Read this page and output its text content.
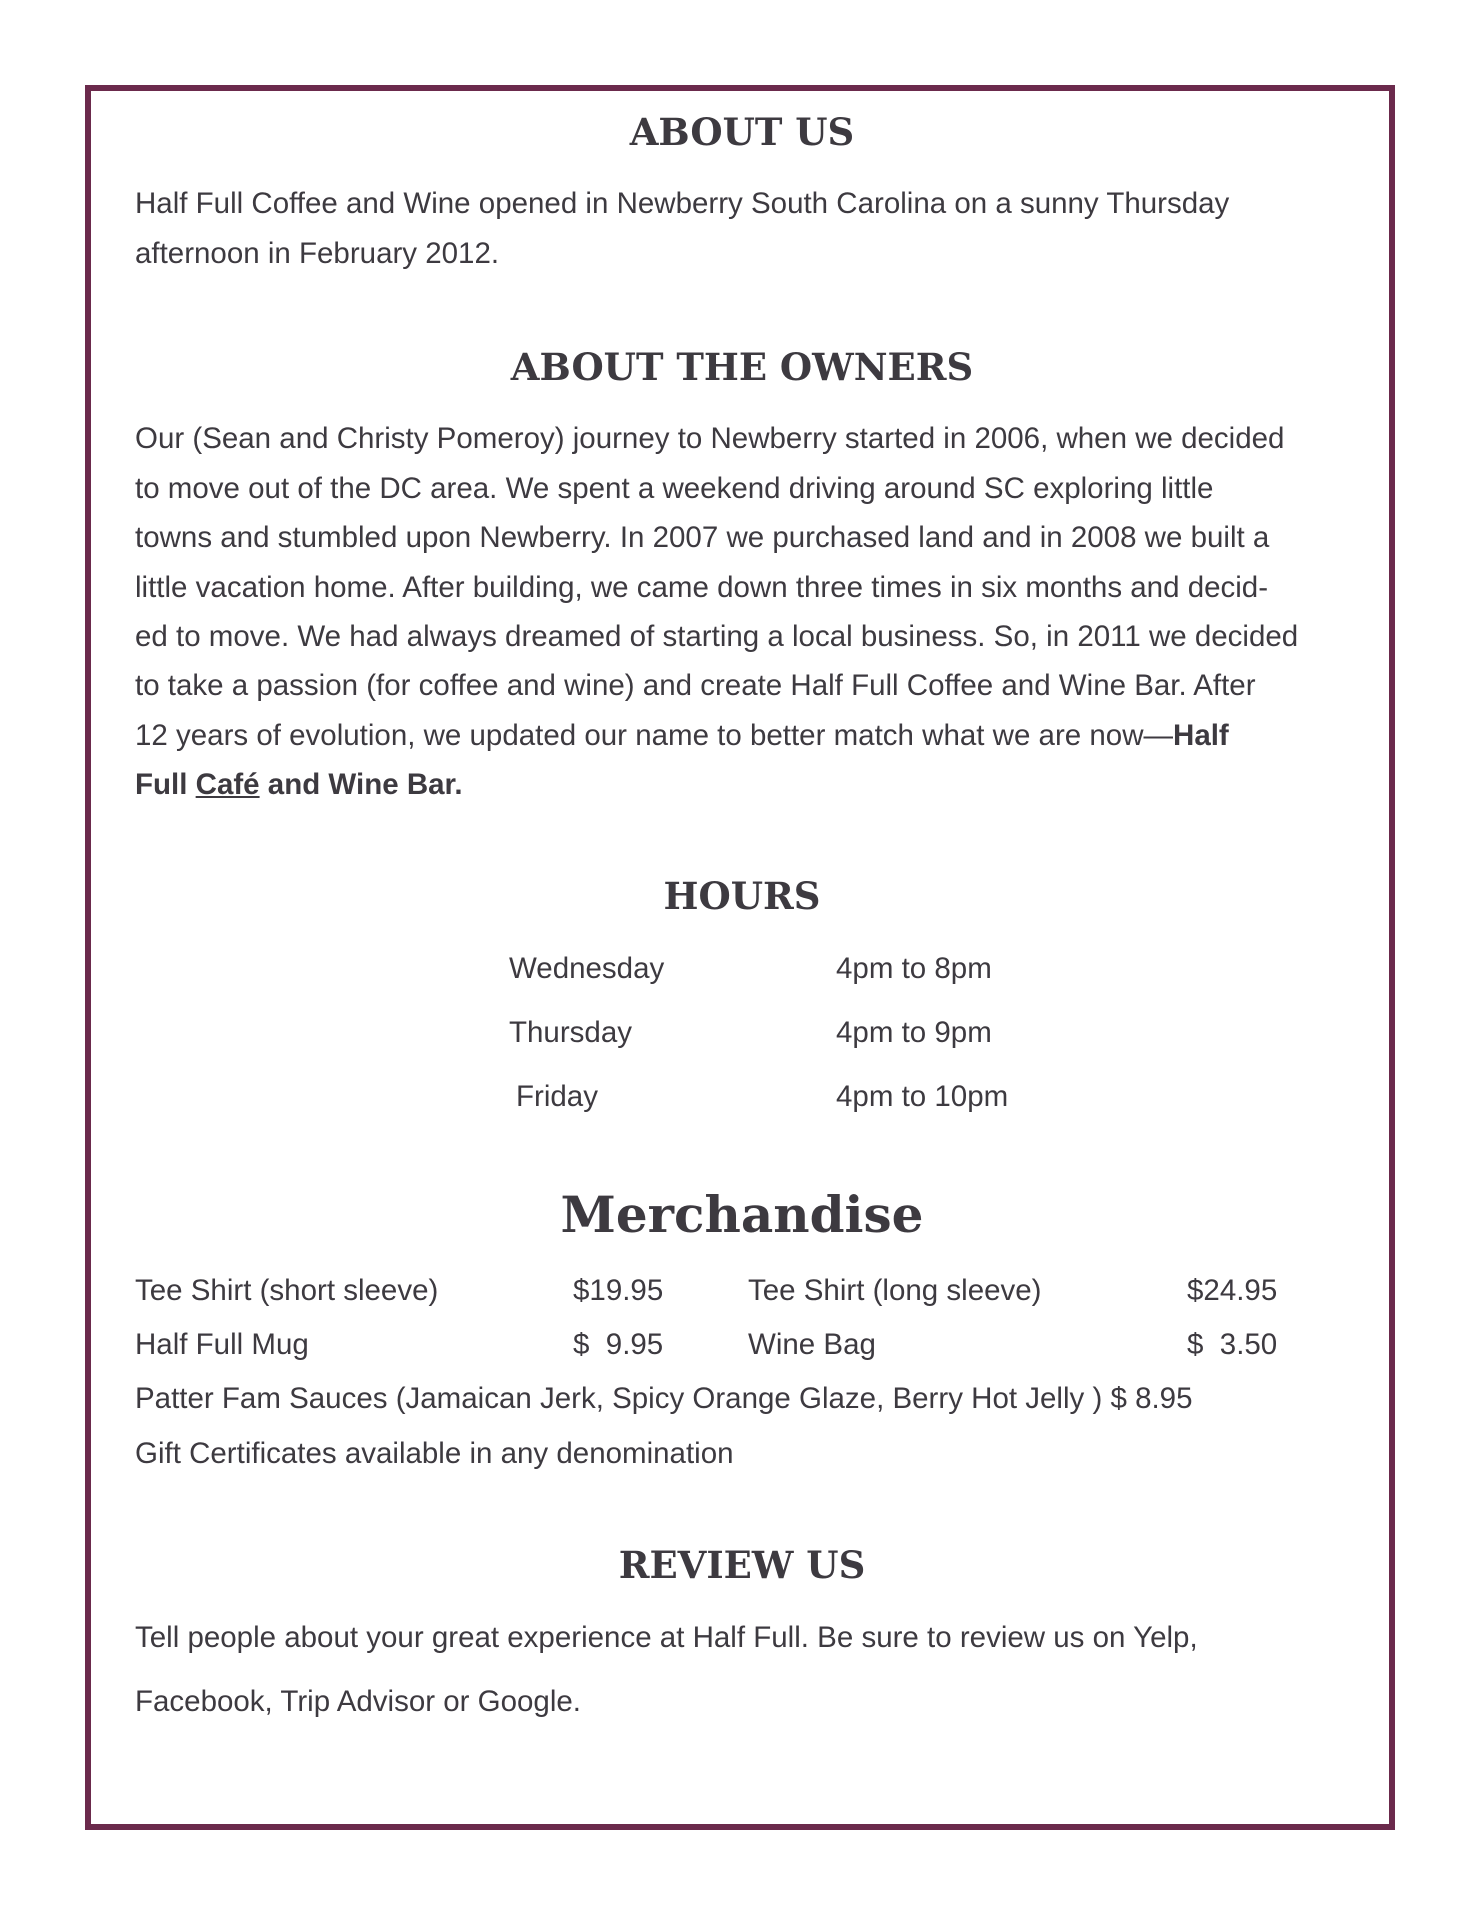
ABOUT US
Half Full Coffee and Wine opened in Newberry South Carolina on a sunny Thursday
afternoon in February 2012.
ABOUT THE OWNERS
Our (Sean and Christy Pomeroy) journey to Newberry started in 2006, when we decided
to move out of the DC area. We spent a weekend driving around SC exploring little
towns and stumbled upon Newberry. In 2007 we purchased land and in 2008 we built a
little vacation home. After building, we came down three times in six months and decid-
ed to move. We had always dreamed of starting a local business. So, in 2011 we decided
to take a passion (for coffee and wine) and create Half Full Coffee and Wine Bar. After
12 years of evolution, we updated our name to better match what we are now—Half
Full Café and Wine Bar.
HOURS
Wednesday	4pm to 8pm
Thursday	4pm to 9pm
Friday	4pm to 10pm
Merchandise
Tee Shirt (short sleeve)	$19.95	Tee Shirt (long sleeve)	$24.95
Half Full Mug	$  9.95	Wine Bag	$  3.50
Patter Fam Sauces (Jamaican Jerk, Spicy Orange Glaze, Berry Hot Jelly ) $ 8.95
Gift Certificates available in any denomination
REVIEW US
Tell people about your great experience at Half Full. Be sure to review us on Yelp,
Facebook, Trip Advisor or Google.
